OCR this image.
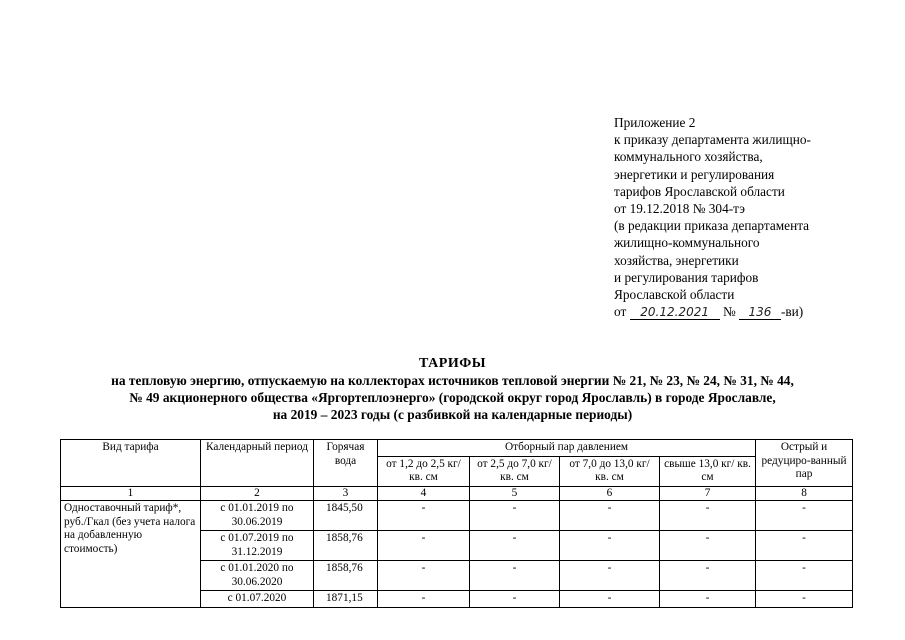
Приложение 2
к приказу департамента жилищно-
коммунального хозяйства,
энергетики и регулирования
тарифов Ярославской области
от 19.12.2018 № 304-тэ
(в редакции приказа департамента
жилищно-коммунального
хозяйства, энергетики
и регулирования тарифов
Ярославской области
от 20.12.2021 № 136 -ви)
ТАРИФЫ
на тепловую энергию, отпускаемую на коллекторах источников тепловой энергии № 21, № 23, № 24, № 31, № 44,
№ 49 акционерного общества «Яргортеплоэнерго» (городской округ город Ярославль) в городе Ярославле,
на 2019 – 2023 годы (с разбивкой на календарные периоды)
Вид тарифа	Календарный период	Горячая вода	Отборный пар давлением				Острый и редуциро-ванный пар
			от 1,2 до 2,5 кг/ кв. см	от 2,5 до 7,0 кг/ кв. см	от 7,0 до 13,0 кг/ кв. см	свыше 13,0 кг/ кв. см	
1	2	3	4	5	6	7	8
Одноставочный тариф*, руб./Гкал (без учета налога на добавленную стоимость)	с 01.01.2019 по 30.06.2019	1845,50	-	-	-	-	-
	с 01.07.2019 по 31.12.2019	1858,76	-	-	-	-	-
	с 01.01.2020 по 30.06.2020	1858,76	-	-	-	-	-
	с 01.07.2020	1871,15	-	-	-	-	-
